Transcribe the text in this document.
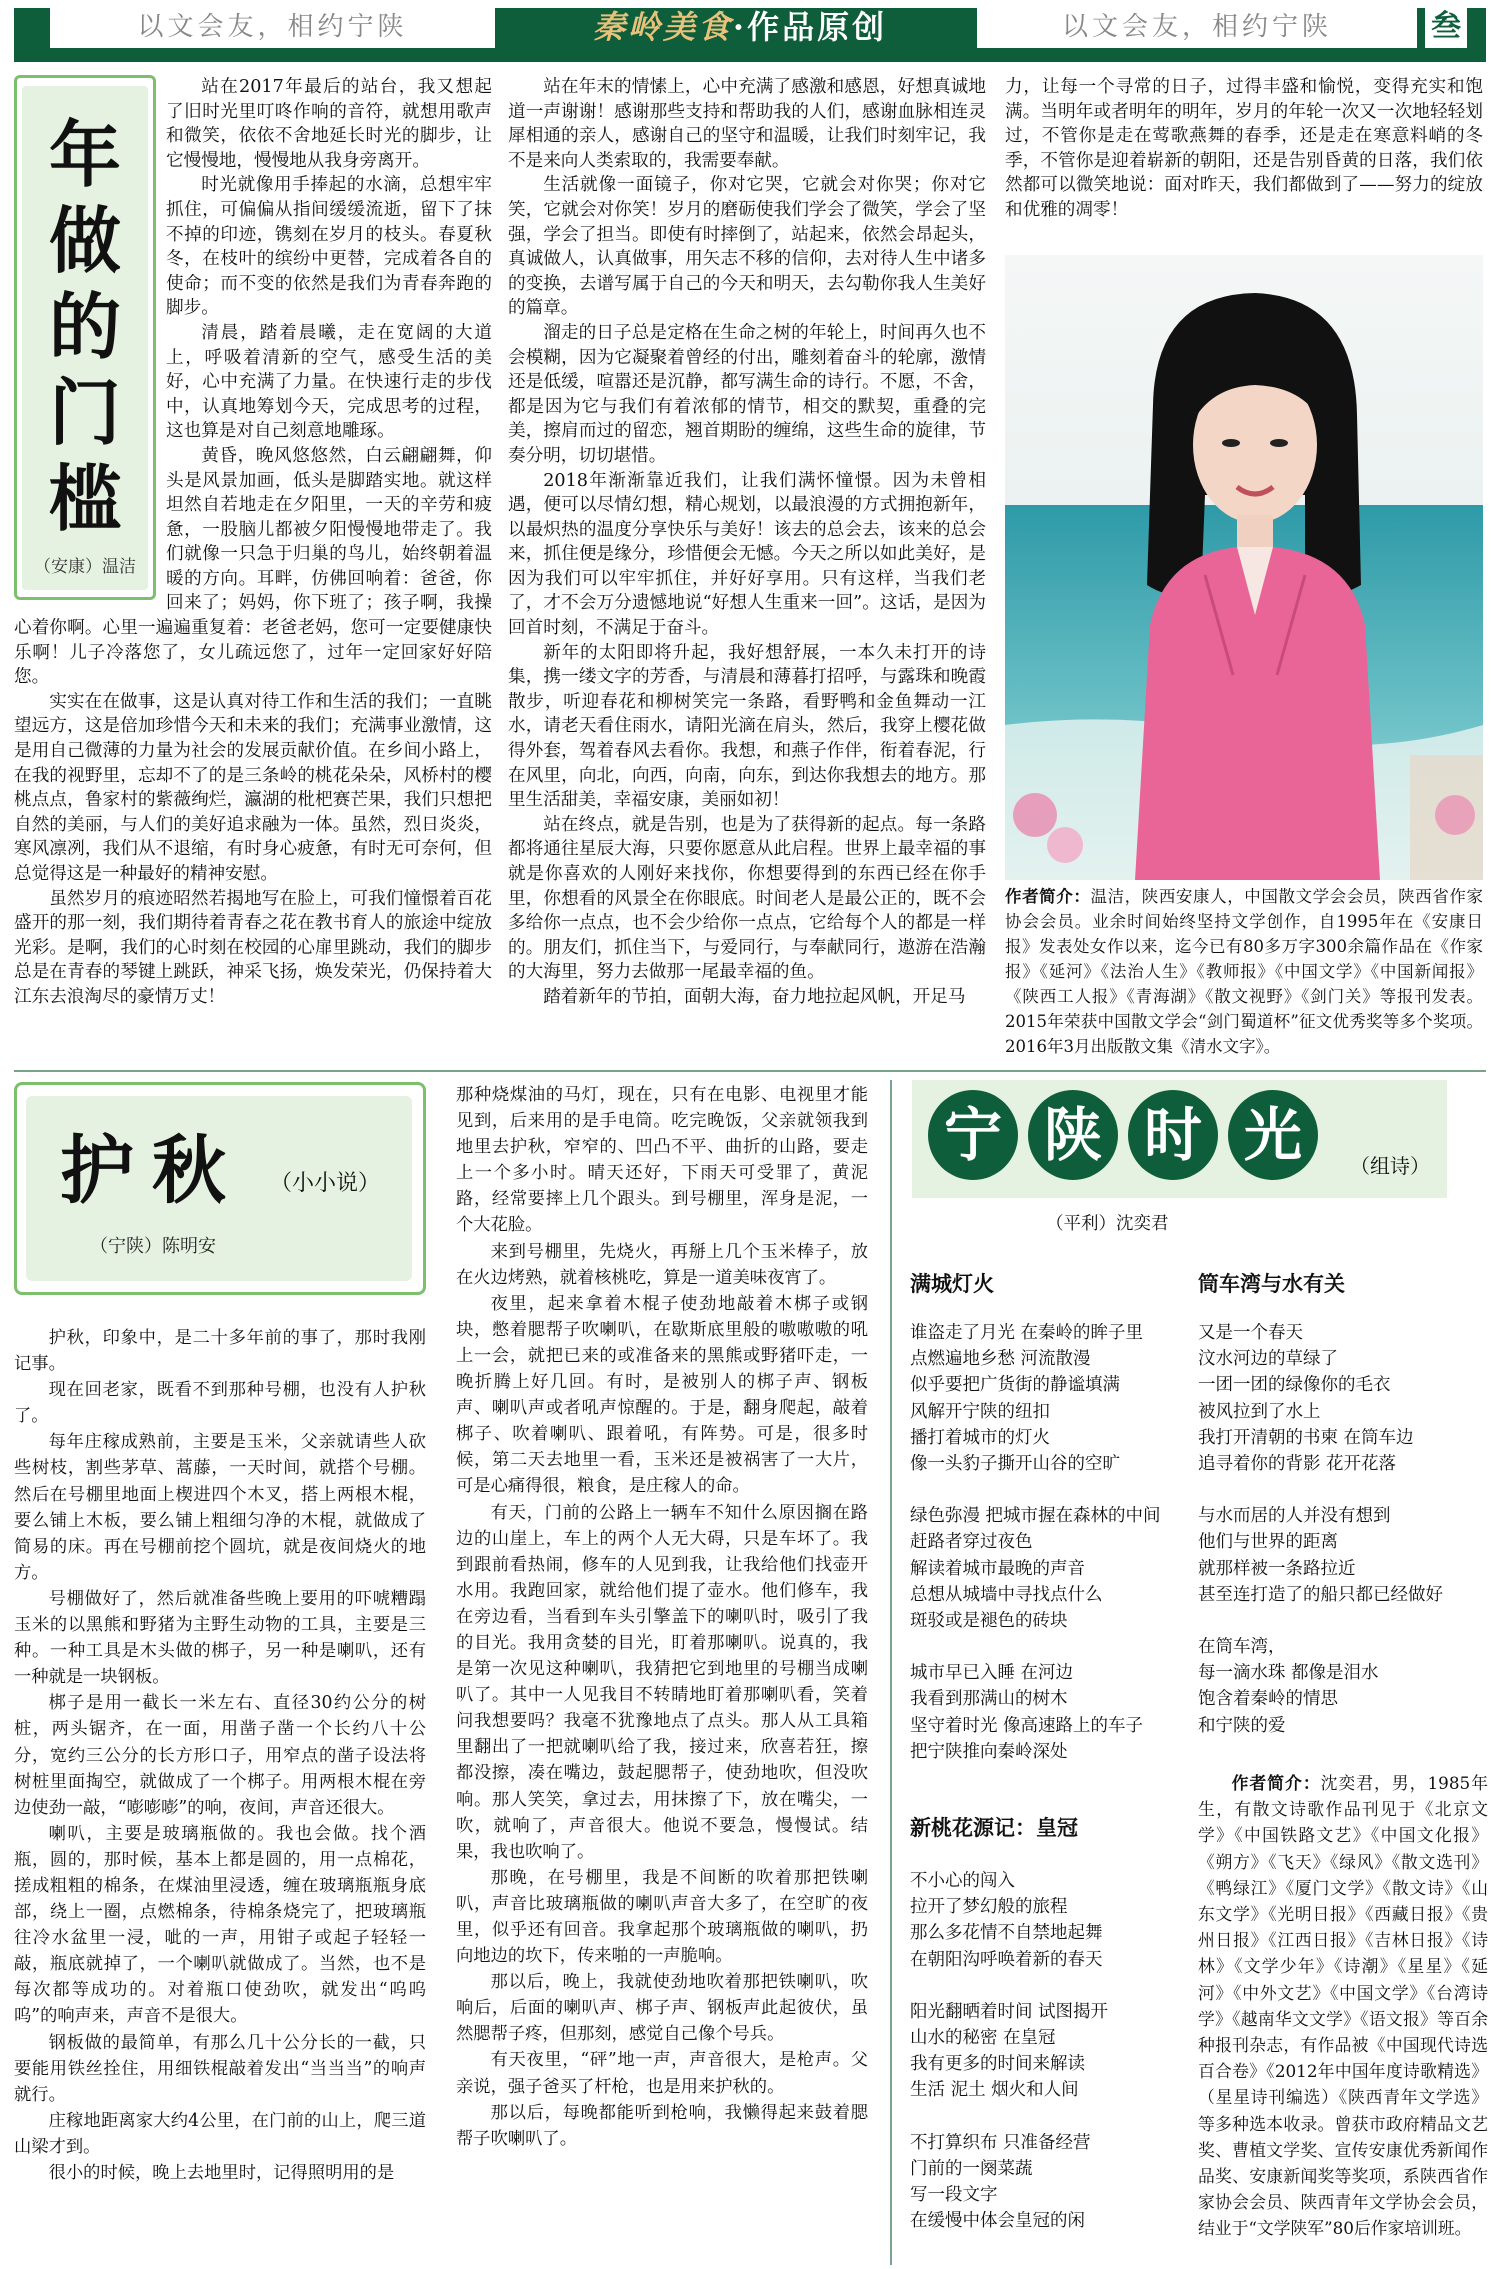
以文会友，相约宁陕	秦岭美食·作品原创	以文会友，相约宁陕	叁
年
做
的
门
槛
（安康）温洁

站在2017年最后的站台，我又想起了旧时光里叮咚作响的音符，就想用歌声和微笑，依依不舍地延长时光的脚步，让它慢慢地，慢慢地从我身旁离开。

时光就像用手捧起的水滴，总想牢牢抓住，可偏偏从指间缓缓流逝，留下了抹不掉的印迹，镌刻在岁月的枝头。春夏秋冬，在枝叶的缤纷中更替，完成着各自的使命；而不变的依然是我们为青春奔跑的脚步。

清晨，踏着晨曦，走在宽阔的大道上，呼吸着清新的空气，感受生活的美好，心中充满了力量。在快速行走的步伐中，认真地筹划今天，完成思考的过程，这也算是对自己刻意地雕琢。

黄昏，晚风悠悠然，白云翩翩舞，仰头是风景加画，低头是脚踏实地。就这样坦然自若地走在夕阳里，一天的辛劳和疲惫，一股脑儿都被夕阳慢慢地带走了。我们就像一只急于归巢的鸟儿，始终朝着温暖的方向。耳畔，仿佛回响着：爸爸，你回来了；妈妈，你下班了；孩子啊，我操心着你啊。心里一遍遍重复着：老爸老妈，您可一定要健康快乐啊！儿子冷落您了，女儿疏远您了，过年一定回家好好陪您。

实实在在做事，这是认真对待工作和生活的我们；一直眺望远方，这是倍加珍惜今天和未来的我们；充满事业激情，这是用自己微薄的力量为社会的发展贡献价值。在乡间小路上，在我的视野里，忘却不了的是三条岭的桃花朵朵，风桥村的樱桃点点，鲁家村的紫薇绚烂，瀛湖的枇杷赛芒果，我们只想把自然的美丽，与人们的美好追求融为一体。虽然，烈日炎炎，寒风凛冽，我们从不退缩，有时身心疲惫，有时无可奈何，但总觉得这是一种最好的精神安慰。

虽然岁月的痕迹昭然若揭地写在脸上，可我们憧憬着百花盛开的那一刻，我们期待着青春之花在教书育人的旅途中绽放光彩。是啊，我们的心时刻在校园的心扉里跳动，我们的脚步总是在青春的琴键上跳跃，神采飞扬，焕发荣光，仍保持着大江东去浪淘尽的豪情万丈！

站在年末的情愫上，心中充满了感激和感恩，好想真诚地道一声谢谢！感谢那些支持和帮助我的人们，感谢血脉相连灵犀相通的亲人，感谢自己的坚守和温暖，让我们时刻牢记，我不是来向人类索取的，我需要奉献。

生活就像一面镜子，你对它哭，它就会对你哭；你对它笑，它就会对你笑！岁月的磨砺使我们学会了微笑，学会了坚强，学会了担当。即使有时摔倒了，站起来，依然会昂起头，真诚做人，认真做事，用矢志不移的信仰，去对待人生中诸多的变换，去谱写属于自己的今天和明天，去勾勒你我人生美好的篇章。

溜走的日子总是定格在生命之树的年轮上，时间再久也不会模糊，因为它凝聚着曾经的付出，雕刻着奋斗的轮廓，激情还是低缓，喧嚣还是沉静，都写满生命的诗行。不愿，不舍，都是因为它与我们有着浓郁的情节，相交的默契，重叠的完美，擦肩而过的留恋，翘首期盼的缠绵，这些生命的旋律，节奏分明，切切堪惜。

2018年渐渐靠近我们，让我们满怀憧憬。因为未曾相遇，便可以尽情幻想，精心规划，以最浪漫的方式拥抱新年，以最炽热的温度分享快乐与美好！该去的总会去，该来的总会来，抓住便是缘分，珍惜便会无憾。今天之所以如此美好，是因为我们可以牢牢抓住，并好好享用。只有这样，当我们老了，才不会万分遗憾地说“好想人生重来一回”。这话，是因为回首时刻，不满足于奋斗。

新年的太阳即将升起，我好想舒展，一本久未打开的诗集，携一缕文字的芳香，与清晨和薄暮打招呼，与露珠和晚霞散步，听迎春花和柳树笑完一条路，看野鸭和金鱼舞动一江水，请老天看住雨水，请阳光滴在肩头，然后，我穿上樱花做得外套，驾着春风去看你。我想，和燕子作伴，衔着春泥，行在风里，向北，向西，向南，向东，到达你我想去的地方。那里生活甜美，幸福安康，美丽如初！

站在终点，就是告别，也是为了获得新的起点。每一条路都将通往星辰大海，只要你愿意从此启程。世界上最幸福的事就是你喜欢的人刚好来找你，你想要得到的东西已经在你手里，你想看的风景全在你眼底。时间老人是最公正的，既不会多给你一点点，也不会少给你一点点，它给每个人的都是一样的。朋友们，抓住当下，与爱同行，与奉献同行，遨游在浩瀚的大海里，努力去做那一尾最幸福的鱼。

踏着新年的节拍，面朝大海，奋力地拉起风帆，开足马

力，让每一个寻常的日子，过得丰盛和愉悦，变得充实和饱满。当明年或者明年的明年，岁月的年轮一次又一次地轻轻划过，不管你是走在莺歌燕舞的春季，还是走在寒意料峭的冬季，不管你是迎着崭新的朝阳，还是告别昏黄的日落，我们依然都可以微笑地说：面对昨天，我们都做到了——努力的绽放和优雅的凋零！

作者简介：温洁，陕西安康人，中国散文学会会员，陕西省作家协会会员。业余时间始终坚持文学创作，自1995年在《安康日报》发表处女作以来，迄今已有80多万字300余篇作品在《作家报》《延河》《法治人生》《教师报》《中国文学》《中国新闻报》《陕西工人报》《青海湖》《散文视野》《剑门关》等报刊发表。2015年荣获中国散文学会“剑门蜀道杯”征文优秀奖等多个奖项。2016年3月出版散文集《清水文字》。
护秋 （小小说）
（宁陕）陈明安

护秋，印象中，是二十多年前的事了，那时我刚记事。

现在回老家，既看不到那种号棚，也没有人护秋了。

每年庄稼成熟前，主要是玉米，父亲就请些人砍些树枝，割些茅草、蒿藤，一天时间，就搭个号棚。然后在号棚里地面上楔进四个木叉，搭上两根木棍，要么铺上木板，要么铺上粗细匀净的木棍，就做成了简易的床。再在号棚前挖个圆坑，就是夜间烧火的地方。

号棚做好了，然后就准备些晚上要用的吓唬糟蹋玉米的以黑熊和野猪为主野生动物的工具，主要是三种。一种工具是木头做的梆子，另一种是喇叭，还有一种就是一块钢板。

梆子是用一截长一米左右、直径30约公分的树桩，两头锯齐，在一面，用凿子凿一个长约八十公分，宽约三公分的长方形口子，用窄点的凿子设法将树桩里面掏空，就做成了一个梆子。用两根木棍在旁边使劲一敲，“嘭嘭嘭”的响，夜间，声音还很大。

喇叭，主要是玻璃瓶做的。我也会做。找个酒瓶，圆的，那时候，基本上都是圆的，用一点棉花，搓成粗粗的棉条，在煤油里浸透，缠在玻璃瓶瓶身底部，绕上一圈，点燃棉条，待棉条烧完了，把玻璃瓶往冷水盆里一浸，呲的一声，用钳子或起子轻轻一敲，瓶底就掉了，一个喇叭就做成了。当然，也不是每次都等成功的。对着瓶口使劲吹，就发出“呜呜呜”的响声来，声音不是很大。

钢板做的最简单，有那么几十公分长的一截，只要能用铁丝拴住，用细铁棍敲着发出“当当当”的响声就行。

庄稼地距离家大约4公里，在门前的山上，爬三道山梁才到。

很小的时候，晚上去地里时，记得照明用的是

那种烧煤油的马灯，现在，只有在电影、电视里才能见到，后来用的是手电筒。吃完晚饭，父亲就领我到地里去护秋，窄窄的、凹凸不平、曲折的山路，要走上一个多小时。晴天还好，下雨天可受罪了，黄泥路，经常要摔上几个跟头。到号棚里，浑身是泥，一个大花脸。

来到号棚里，先烧火，再掰上几个玉米棒子，放在火边烤熟，就着核桃吃，算是一道美味夜宵了。

夜里，起来拿着木棍子使劲地敲着木梆子或钢块，憋着腮帮子吹喇叭，在歇斯底里般的嗷嗷嗷的吼上一会，就把已来的或准备来的黑熊或野猪吓走，一晚折腾上好几回。有时，是被别人的梆子声、钢板声、喇叭声或者吼声惊醒的。于是，翻身爬起，敲着梆子、吹着喇叭、跟着吼，有阵势。可是，很多时候，第二天去地里一看，玉米还是被祸害了一大片，可是心痛得很，粮食，是庄稼人的命。

有天，门前的公路上一辆车不知什么原因搁在路边的山崖上，车上的两个人无大碍，只是车坏了。我到跟前看热闹，修车的人见到我，让我给他们找壶开水用。我跑回家，就给他们提了壶水。他们修车，我在旁边看，当看到车头引擎盖下的喇叭时，吸引了我的目光。我用贪婪的目光，盯着那喇叭。说真的，我是第一次见这种喇叭，我猜把它到地里的号棚当成喇叭了。其中一人见我目不转睛地盯着那喇叭看，笑着问我想要吗？我毫不犹豫地点了点头。那人从工具箱里翻出了一把就喇叭给了我，接过来，欣喜若狂，擦都没擦，凑在嘴边，鼓起腮帮子，使劲地吹，但没吹响。那人笑笑，拿过去，用抹擦了下，放在嘴尖，一吹，就响了，声音很大。他说不要急，慢慢试。结果，我也吹响了。

那晚，在号棚里，我是不间断的吹着那把铁喇叭，声音比玻璃瓶做的喇叭声音大多了，在空旷的夜里，似乎还有回音。我拿起那个玻璃瓶做的喇叭，扔向地边的坎下，传来啪的一声脆响。

那以后，晚上，我就使劲地吹着那把铁喇叭，吹响后，后面的喇叭声、梆子声、钢板声此起彼伏，虽然腮帮子疼，但那刻，感觉自己像个号兵。

有天夜里，“砰”地一声，声音很大，是枪声。父亲说，强子爸买了杆枪，也是用来护秋的。

那以后，每晚都能听到枪响，我懒得起来鼓着腮帮子吹喇叭了。

宁 陕 时 光	（组诗）
（平利）沈奕君
满城灯火
谁盗走了月光 在秦岭的眸子里
点燃遍地乡愁 河流散漫
似乎要把广货街的静谧填满
风解开宁陕的纽扣
播打着城市的灯火
像一头豹子撕开山谷的空旷
绿色弥漫 把城市握在森林的中间
赶路者穿过夜色
解读着城市最晚的声音
总想从城墙中寻找点什么
斑驳或是褪色的砖块
城市早已入睡 在河边
我看到那满山的树木
坚守着时光 像高速路上的车子
把宁陕推向秦岭深处
新桃花源记：皇冠
不小心的闯入
拉开了梦幻般的旅程
那么多花情不自禁地起舞
在朝阳沟呼唤着新的春天
阳光翻晒着时间 试图揭开
山水的秘密 在皇冠
我有更多的时间来解读
生活 泥土 烟火和人间
不打算织布 只准备经营
门前的一阕菜蔬
写一段文字
在缓慢中体会皇冠的闲
筒车湾与水有关
又是一个春天
汶水河边的草绿了
一团一团的绿像你的毛衣
被风拉到了水上
我打开清朝的书柬 在筒车边
追寻着你的背影 花开花落
与水而居的人并没有想到
他们与世界的距离
就那样被一条路拉近
甚至连打造了的船只都已经做好
在筒车湾，
每一滴水珠 都像是泪水
饱含着秦岭的情思
和宁陕的爱
作者简介：沈奕君，男，1985年生，有散文诗歌作品刊见于《北京文学》《中国铁路文艺》《中国文化报》《朔方》《飞天》《绿风》《散文选刊》《鸭绿江》《厦门文学》《散文诗》《山东文学》《光明日报》《西藏日报》《贵州日报》《江西日报》《吉林日报》《诗林》《文学少年》《诗潮》《星星》《延河》《中外文艺》《中国文学》《台湾诗学》《越南华文文学》《语文报》等百余种报刊杂志，有作品被《中国现代诗选百合卷》《2012年中国年度诗歌精选》（星星诗刊编选）《陕西青年文学选》等多种选本收录。曾获市政府精品文艺奖、曹植文学奖、宣传安康优秀新闻作品奖、安康新闻奖等奖项，系陕西省作家协会会员、陕西青年文学协会会员，结业于“文学陕军”80后作家培训班。
